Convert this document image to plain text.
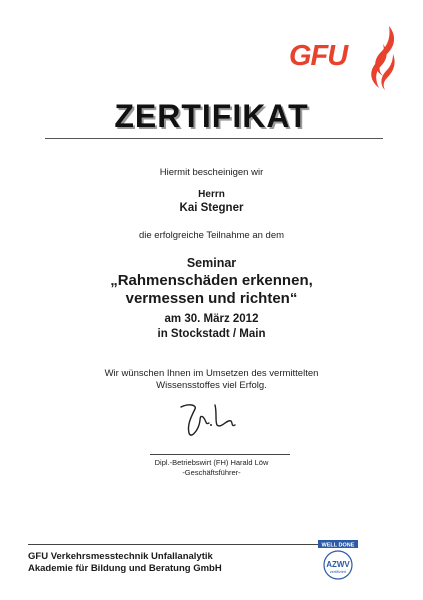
GFU
ZERTIFIKAT
Hiermit bescheinigen wir
Herrn
Kai Stegner
die erfolgreiche Teilnahme an dem
Seminar
„Rahmenschäden erkennen,
vermessen und richten“
am 30. März 2012
in Stockstadt / Main
Wir wünschen Ihnen im Umsetzen des vermittelten
Wissensstoffes viel Erfolg.
Dipl.-Betriebswirt (FH) Harald Löw
-Geschäftsführer-
GFU Verkehrsmesstechnik Unfallanalytik
Akademie für Bildung und Beratung GmbH
WELL DONE
AZWV
zertifiziert
